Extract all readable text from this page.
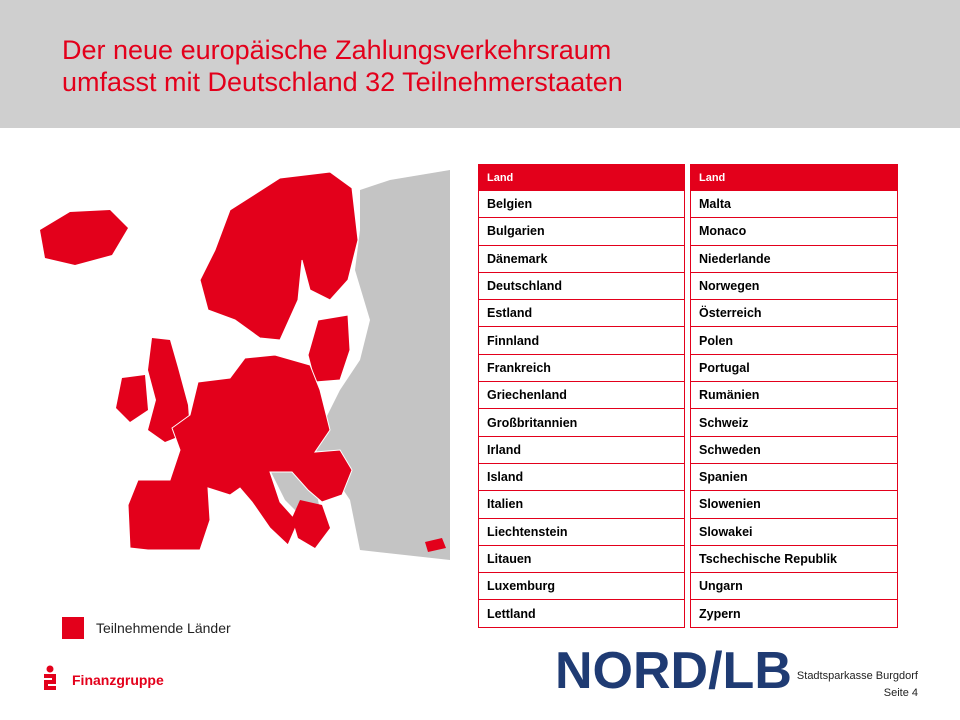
Der neue europäische Zahlungsverkehrsraum
umfasst mit Deutschland 32 Teilnehmerstaaten
Land
Belgien
Bulgarien
Dänemark
Deutschland
Estland
Finnland
Frankreich
Griechenland
Großbritannien
Irland
Island
Italien
Liechtenstein
Litauen
Luxemburg
Lettland
Land
Malta
Monaco
Niederlande
Norwegen
Österreich
Polen
Portugal
Rumänien
Schweiz
Schweden
Spanien
Slowenien
Slowakei
Tschechische Republik
Ungarn
Zypern
Teilnehmende Länder
Finanzgruppe	NORD/LB Stadtsparkasse Burgdorf
Seite 4
